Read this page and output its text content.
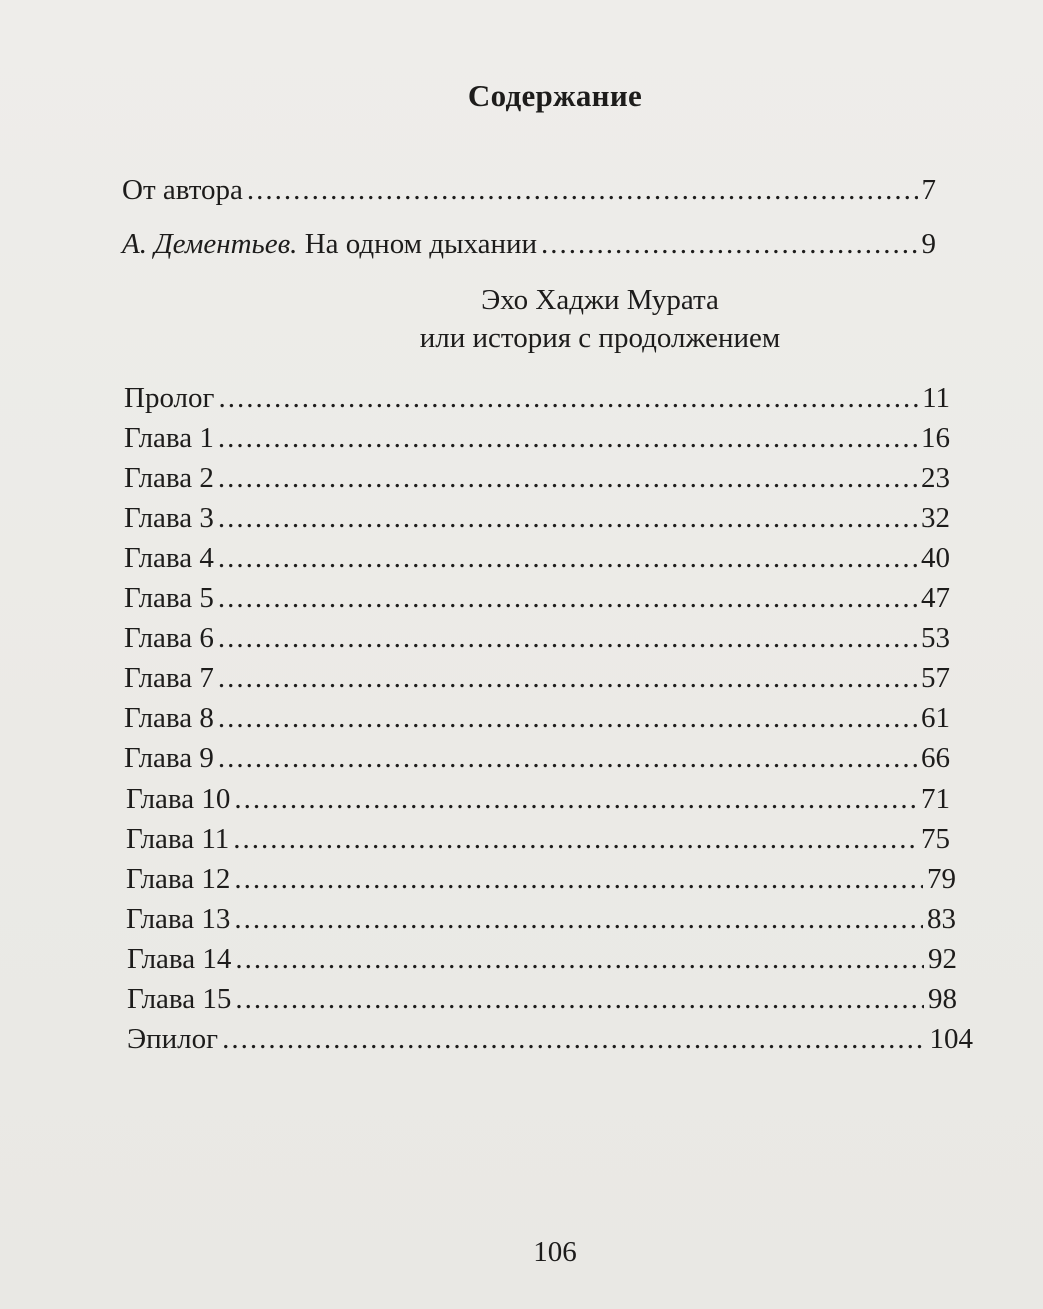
Содержание
От автора .....	7
А. Дементьев. На одном дыхании .....	9
Эхо Хаджи Мурата
или история с продолжением
Пролог .....	11
Глава 1 .....	16
Глава 2 .....	23
Глава 3 .....	32
Глава 4 .....	40
Глава 5 .....	47
Глава 6 .....	53
Глава 7 .....	57
Глава 8 .....	61
Глава 9 .....	66
Глава 10 .....	71
Глава 11 .....	75
Глава 12 .....	79
Глава 13 .....	83
Глава 14 .....	92
Глава 15 .....	98
Эпилог .....	104
106
